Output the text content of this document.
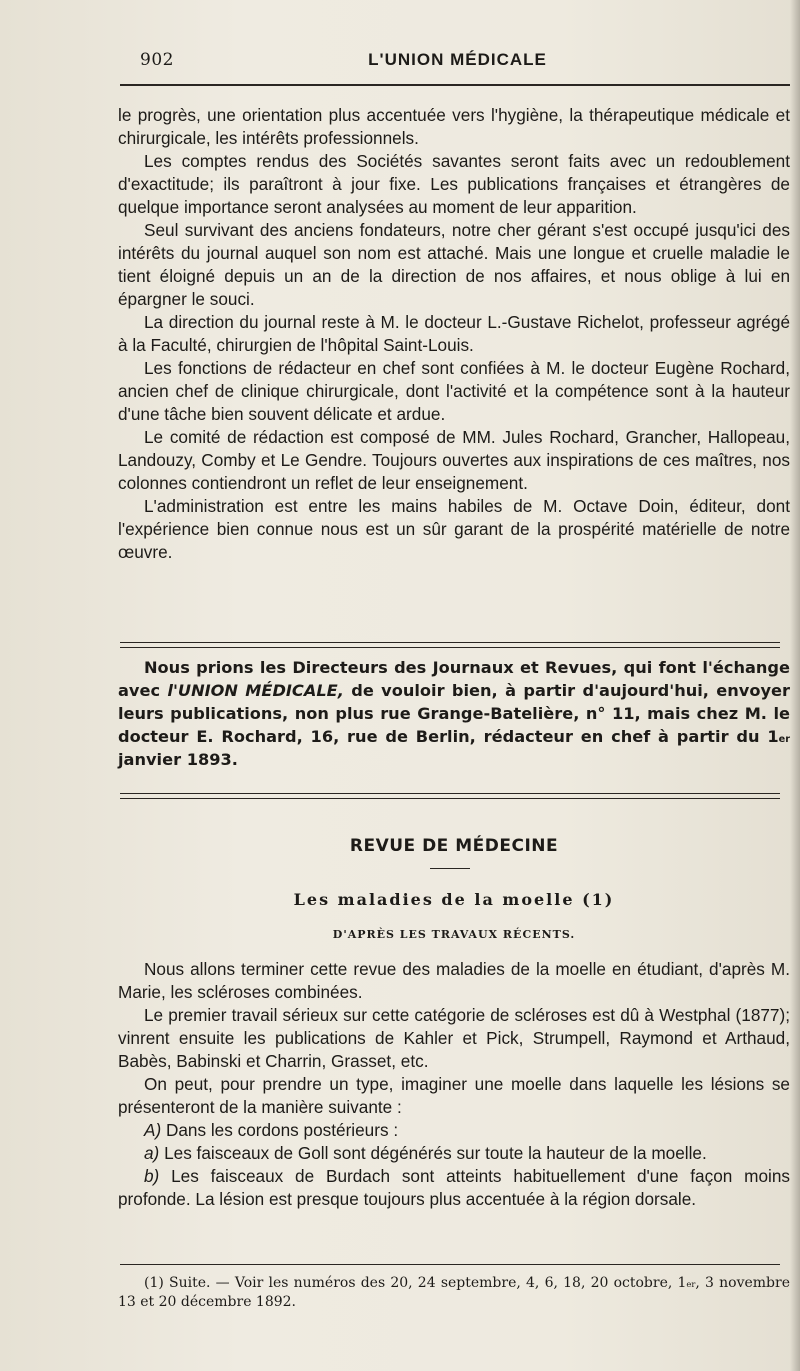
902	L'UNION MÉDICALE

le progrès, une orientation plus accentuée vers l'hygiène, la thérapeutique médicale et chirurgicale, les intérêts professionnels.

Les comptes rendus des Sociétés savantes seront faits avec un redoublement d'exactitude; ils paraîtront à jour fixe. Les publications françaises et étrangères de quelque importance seront analysées au moment de leur apparition.

Seul survivant des anciens fondateurs, notre cher gérant s'est occupé jusqu'ici des intérêts du journal auquel son nom est attaché. Mais une longue et cruelle maladie le tient éloigné depuis un an de la direction de nos affaires, et nous oblige à lui en épargner le souci.

La direction du journal reste à M. le docteur L.-Gustave Richelot, professeur agrégé à la Faculté, chirurgien de l'hôpital Saint-Louis.

Les fonctions de rédacteur en chef sont confiées à M. le docteur Eugène Rochard, ancien chef de clinique chirurgicale, dont l'activité et la compétence sont à la hauteur d'une tâche bien souvent délicate et ardue.

Le comité de rédaction est composé de MM. Jules Rochard, Grancher, Hallopeau, Landouzy, Comby et Le Gendre. Toujours ouvertes aux inspirations de ces maîtres, nos colonnes contiendront un reflet de leur enseignement.

L'administration est entre les mains habiles de M. Octave Doin, éditeur, dont l'expérience bien connue nous est un sûr garant de la prospérité matérielle de notre œuvre.

Nous prions les Directeurs des Journaux et Revues, qui font l'échange avec l'UNION MÉDICALE, de vouloir bien, à partir d'aujourd'hui, envoyer leurs publications, non plus rue Grange-Batelière, n° 11, mais chez M. le docteur E. Rochard, 16, rue de Berlin, rédacteur en chef à partir du 1er janvier 1893.

REVUE DE MÉDECINE
Les maladies de la moelle (1)
D'APRÈS LES TRAVAUX RÉCENTS.

Nous allons terminer cette revue des maladies de la moelle en étudiant, d'après M. Marie, les scléroses combinées.

Le premier travail sérieux sur cette catégorie de scléroses est dû à Westphal (1877); vinrent ensuite les publications de Kahler et Pick, Strumpell, Raymond et Arthaud, Babès, Babinski et Charrin, Grasset, etc.

On peut, pour prendre un type, imaginer une moelle dans laquelle les lésions se présenteront de la manière suivante :

A) Dans les cordons postérieurs :

a) Les faisceaux de Goll sont dégénérés sur toute la hauteur de la moelle.

b) Les faisceaux de Burdach sont atteints habituellement d'une façon moins profonde. La lésion est presque toujours plus accentuée à la région dorsale.

(1) Suite. — Voir les numéros des 20, 24 septembre, 4, 6, 18, 20 octobre, 1er, 3 novembre 13 et 20 décembre 1892.
